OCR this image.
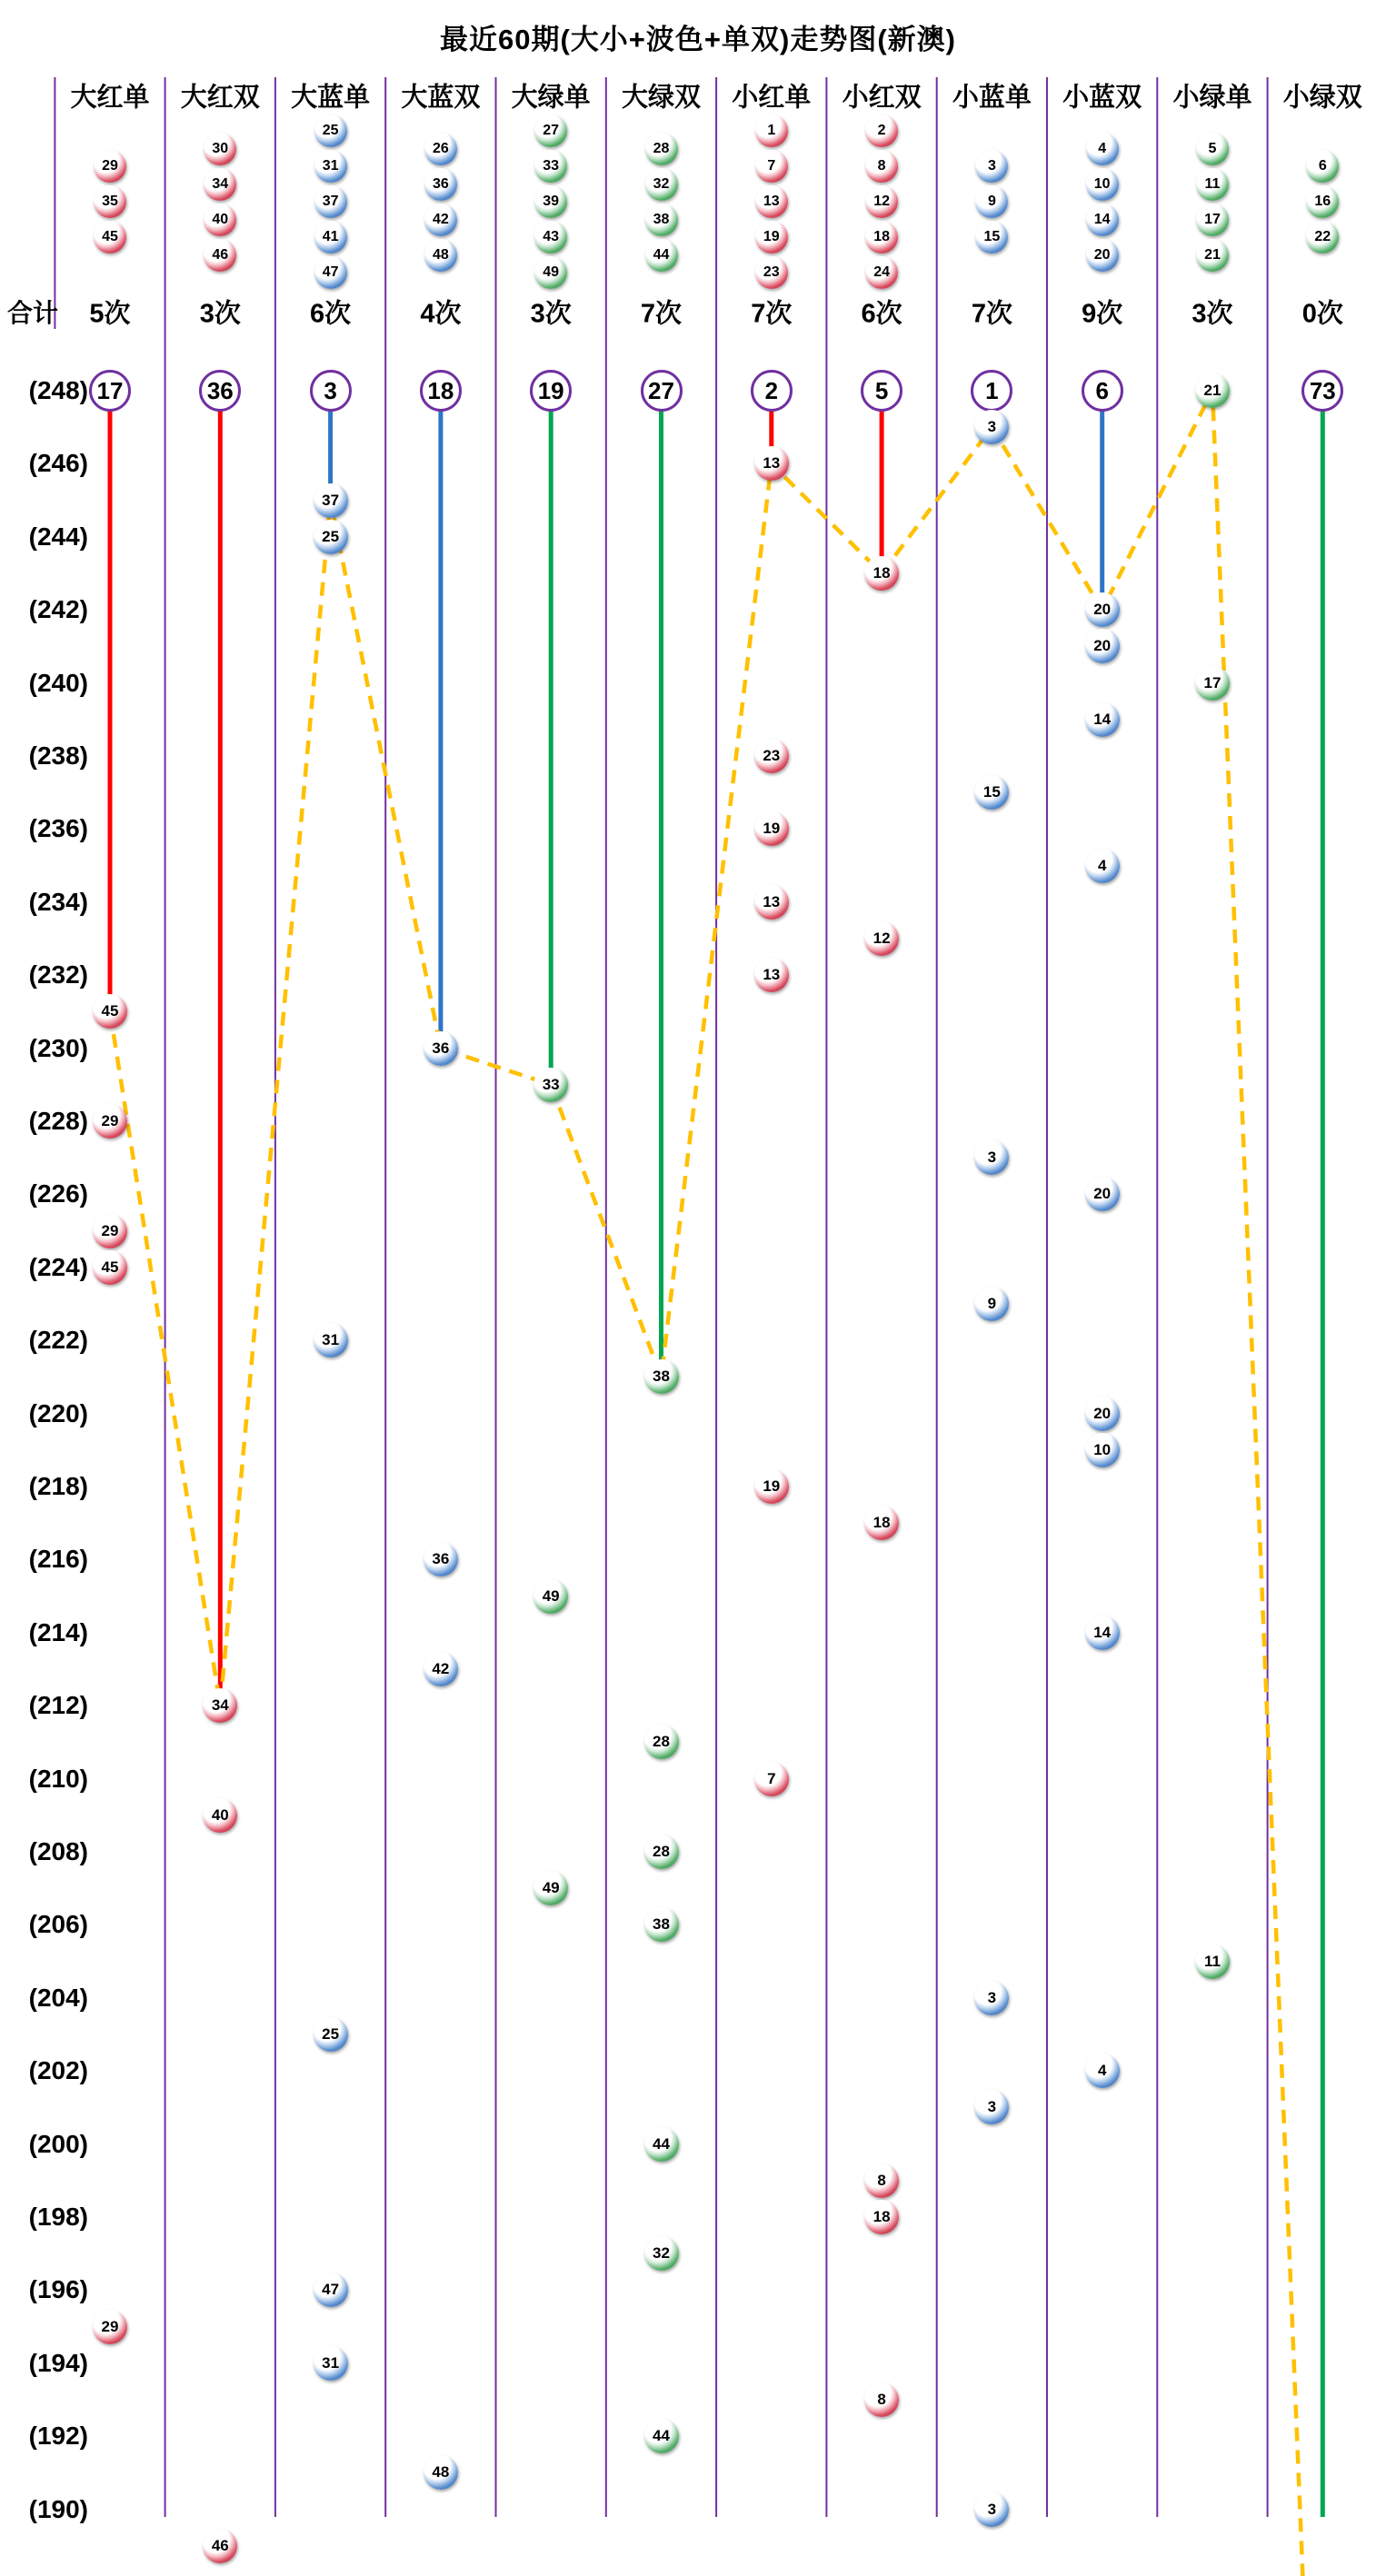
最近60期(大小+波色+单双)走势图(新澳)
合计
(248)
(246)
(244)
(242)
(240)
(238)
(236)
(234)
(232)
(230)
(228)
(226)
(224)
(222)
(220)
(218)
(216)
(214)
(212)
(210)
(208)
(206)
(204)
(202)
(200)
(198)
(196)
(194)
(192)
(190)
大红单
29
35
45
5次
17
45
29
29
45
29
大红双
30
34
40
46
3次
36
34
40
46
大蓝单
25
31
37
41
47
6次
3
37
25
31
25
47
31
大蓝双
26
36
42
48
4次
18
36
36
42
48
大绿单
27
33
39
43
49
3次
19
33
49
49
大绿双
28
32
38
44
7次
27
38
28
28
38
44
32
44
小红单
1
7
13
19
23
7次
2
13
23
19
13
13
19
7
小红双
2
8
12
18
24
6次
5
18
12
18
8
18
8
小蓝单
3
9
15
7次
1
3
15
3
9
3
3
3
小蓝双
4
10
14
20
9次
6
20
20
14
4
20
20
10
14
4
小绿单
5
11
17
21
3次
21
17
11
小绿双
6
16
22
0次
73
